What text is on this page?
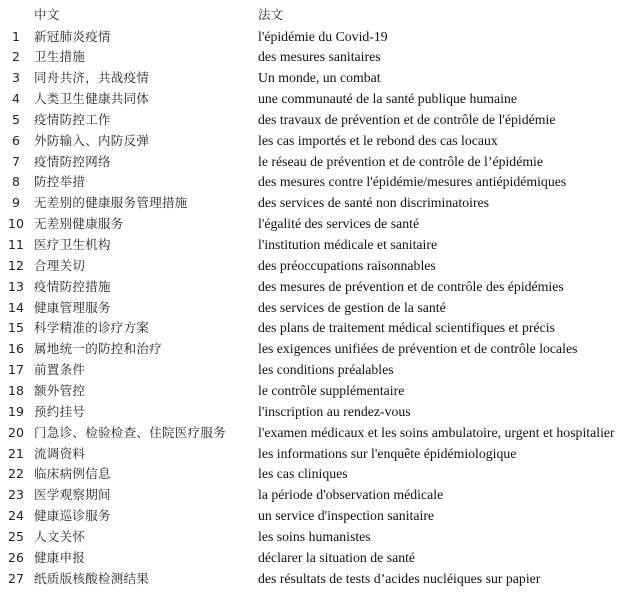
中文	法文
1	新冠肺炎疫情	l'épidémie du Covid-19
2	卫生措施	des mesures sanitaires
3	同舟共济，共战疫情	Un monde, un combat
4	人类卫生健康共同体	une communauté de la santé publique humaine
5	疫情防控工作	des travaux de prévention et de contrôle de l'épidémie
6	外防输入、内防反弹	les cas importés et le rebond des cas locaux
7	疫情防控网络	le réseau de prévention et de contrôle de l’épidémie
8	防控举措	des mesures contre l'épidémie/mesures antiépidémiques
9	无差别的健康服务管理措施	des services de santé non discriminatoires
10 无差别健康服务	l'égalité des services de santé
11 医疗卫生机构	l'institution médicale et sanitaire
12 合理关切	des préoccupations raisonnables
13 疫情防控措施	des mesures de prévention et de contrôle des épidémies
14 健康管理服务	des services de gestion de la santé
15 科学精准的诊疗方案	des plans de traitement médical scientifiques et précis
16 属地统一的防控和治疗	les exigences unifiées de prévention et de contrôle locales
17 前置条件	les conditions préalables
18 额外管控	le contrôle supplémentaire
19 预约挂号	l'inscription au rendez-vous
20 门急诊、检验检查、住院医疗服务 l'examen médicaux et les soins ambulatoire, urgent et hospitalier
21 流调资料	les informations sur l'enquête épidémiologique
22 临床病例信息	les cas cliniques
23 医学观察期间	la période d'observation médicale
24 健康巡诊服务	un service d'inspection sanitaire
25 人文关怀	les soins humanistes
26 健康申报	déclarer la situation de santé
27 纸质版核酸检测结果	des résultats de tests d’acides nucléiques sur papier
